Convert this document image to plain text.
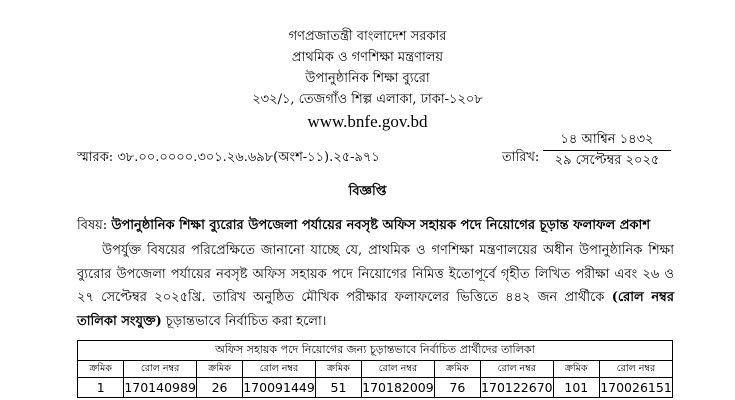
গণপ্রজাতন্ত্রী বাংলাদেশ সরকার
প্রাথমিক ও গণশিক্ষা মন্ত্রণালয়
উপানুষ্ঠানিক শিক্ষা ব্যুরো
২৩২/১, তেজগাঁও শিল্প এলাকা, ঢাকা-১২০৮
www.bnfe.gov.bd
স্মারক: ৩৮.০০.০০০০.৩০১.২৬.৬৯৮(অংশ-১১).২৫-৯৭১	তারিখ:
১৪ আশ্বিন ১৪৩২
২৯ সেপ্টেম্বর ২০২৫
বিজ্ঞপ্তি
বিষয়: উপানুষ্ঠানিক শিক্ষা ব্যুরোর উপজেলা পর্যায়ের নবসৃষ্ট অফিস সহায়ক পদে নিয়োগের চূড়ান্ত ফলাফল প্রকাশ
উপর্যুক্ত বিষয়ের পরিপ্রেক্ষিতে জানানো যাচ্ছে যে, প্রাথমিক ও গণশিক্ষা মন্ত্রণালয়ের অধীন উপানুষ্ঠানিক শিক্ষা ব্যুরোর উপজেলা পর্যায়ের নবসৃষ্ট অফিস সহায়ক পদে নিয়োগের নিমিত্ত ইতোপূর্বে গৃহীত লিখিত পরীক্ষা এবং ২৬ ও ২৭ সেপ্টেম্বর ২০২৫খ্রি. তারিখ অনুষ্ঠিত মৌখিক পরীক্ষার ফলাফলের ভিত্তিতে ৪৪২ জন প্রার্থীকে (রোল নম্বর তালিকা সংযুক্ত) চূড়ান্তভাবে নির্বাচিত করা হলো।
অফিস সহায়ক পদে নিয়োগের জন্য চূড়ান্তভাবে নির্বাচিত প্রার্থীদের তালিকা									
ক্রমিক	রোল নম্বর	ক্রমিক	রোল নম্বর	ক্রমিক	রোল নম্বর	ক্রমিক	রোল নম্বর	ক্রমিক	রোল নম্বর
1	170140989	26	170091449	51	170182009	76	170122670	101	170026151
